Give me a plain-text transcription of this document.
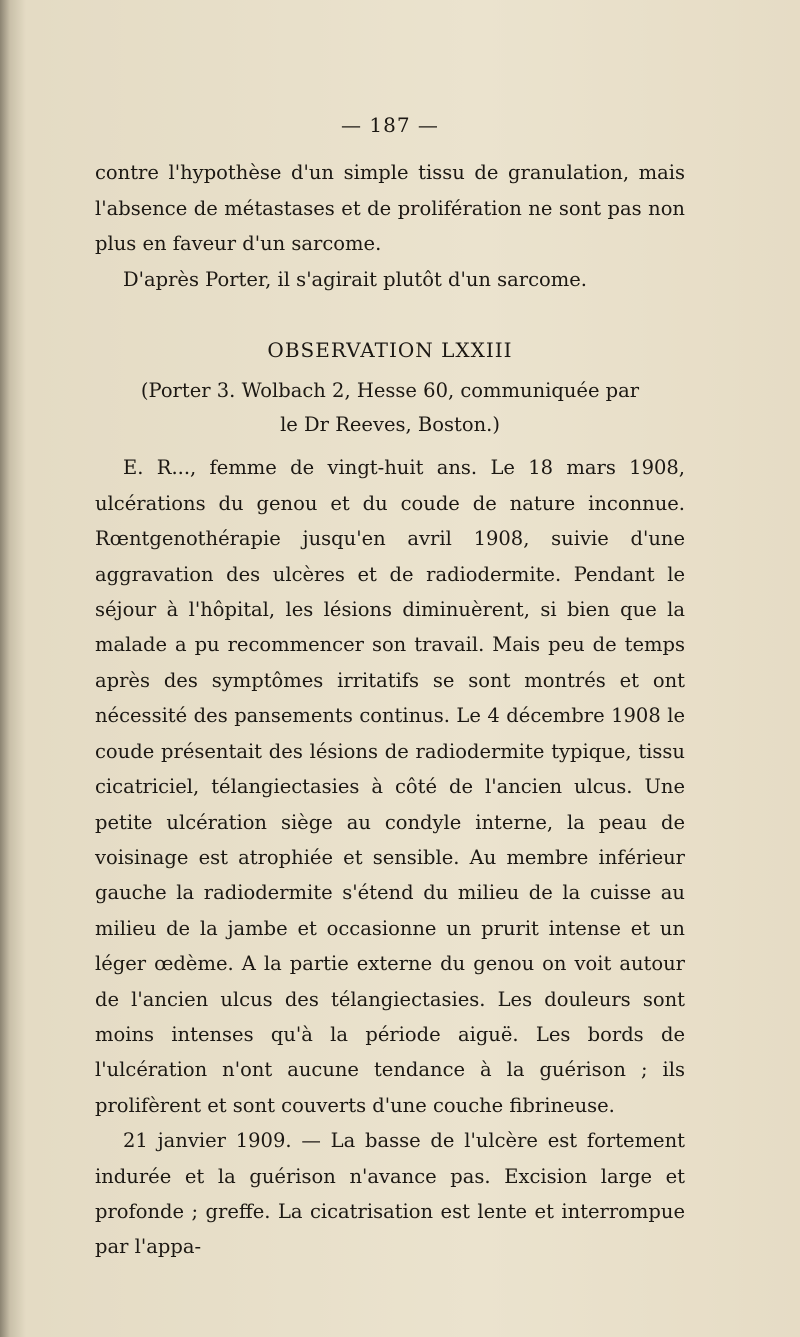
— 187 —

contre l'hypothèse d'un simple tissu de granulation, mais l'absence de métastases et de prolifération ne sont pas non plus en faveur d'un sarcome.

D'après Porter, il s'agirait plutôt d'un sarcome.

OBSERVATION LXXIII
(Porter 3. Wolbach 2, Hesse 60, communiquée par
le Dr Reeves, Boston.)

E. R..., femme de vingt-huit ans. Le 18 mars 1908, ulcérations du genou et du coude de nature inconnue. Rœntgenothérapie jusqu'en avril 1908, suivie d'une aggravation des ulcères et de radiodermite. Pendant le séjour à l'hôpital, les lésions diminuèrent, si bien que la malade a pu recommencer son travail. Mais peu de temps après des symptômes irritatifs se sont montrés et ont nécessité des pansements continus. Le 4 décembre 1908 le coude présentait des lésions de radiodermite typique, tissu cicatriciel, télangiectasies à côté de l'ancien ulcus. Une petite ulcération siège au condyle interne, la peau de voisinage est atrophiée et sensible. Au membre inférieur gauche la radiodermite s'étend du milieu de la cuisse au milieu de la jambe et occasionne un prurit intense et un léger œdème. A la partie externe du genou on voit autour de l'ancien ulcus des télangiectasies. Les douleurs sont moins intenses qu'à la période aiguë. Les bords de l'ulcération n'ont aucune tendance à la guérison ; ils prolifèrent et sont couverts d'une couche fibrineuse.

21 janvier 1909. — La basse de l'ulcère est fortement indurée et la guérison n'avance pas. Excision large et profonde ; greffe. La cicatrisation est lente et interrompue par l'appa-
